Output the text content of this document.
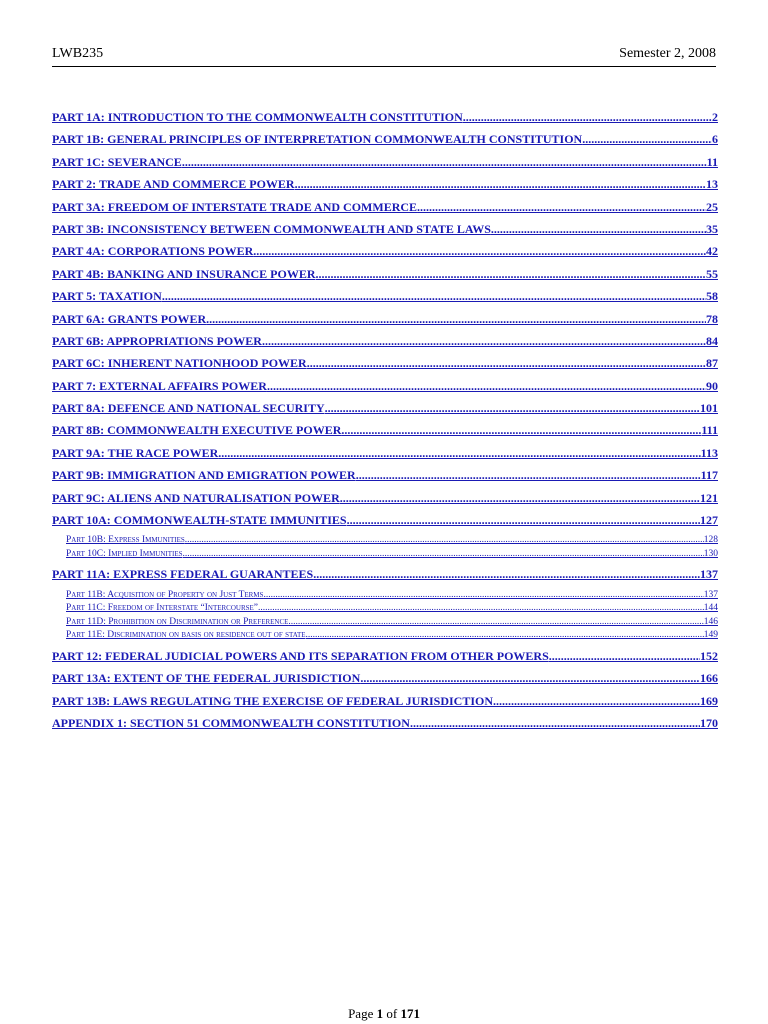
LWB235	Semester 2, 2008
PART 1A: INTRODUCTION TO THE COMMONWEALTH CONSTITUTION .....	2
PART 1B: GENERAL PRINCIPLES OF INTERPRETATION COMMONWEALTH CONSTITUTION .....	6
PART 1C: SEVERANCE .....	11
PART 2: TRADE AND COMMERCE POWER .....	13
PART 3A: FREEDOM OF INTERSTATE TRADE AND COMMERCE .....	25
PART 3B: INCONSISTENCY BETWEEN COMMONWEALTH AND STATE LAWS .....	35
PART 4A: CORPORATIONS POWER .....	42
PART 4B: BANKING AND INSURANCE POWER .....	55
PART 5: TAXATION .....	58
PART 6A: GRANTS POWER .....	78
PART 6B: APPROPRIATIONS POWER .....	84
PART 6C: INHERENT NATIONHOOD POWER .....	87
PART 7: EXTERNAL AFFAIRS POWER .....	90
PART 8A: DEFENCE AND NATIONAL SECURITY .....	101
PART 8B: COMMONWEALTH EXECUTIVE POWER .....	111
PART 9A: THE RACE POWER .....	113
PART 9B: IMMIGRATION AND EMIGRATION POWER .....	117
PART 9C: ALIENS AND NATURALISATION POWER .....	121
PART 10A: COMMONWEALTH-STATE IMMUNITIES .....	127
Part 10B: Express Immunities .....	128
Part 10C: Implied Immunities .....	130
PART 11A: EXPRESS FEDERAL GUARANTEES .....	137
Part 11B: Acquisition of Property on Just Terms .....	137
Part 11C: Freedom of Interstate “Intercourse” .....	144
Part 11D: Prohibition on Discrimination or Preference .....	146
Part 11E: Discrimination on basis on residence out of state .....	149
PART 12: FEDERAL JUDICIAL POWERS AND ITS SEPARATION FROM OTHER POWERS .....	152
PART 13A: EXTENT OF THE FEDERAL JURISDICTION .....	166
PART 13B: LAWS REGULATING THE EXERCISE OF FEDERAL JURISDICTION .....	169
APPENDIX 1: SECTION 51 COMMONWEALTH CONSTITUTION .....	170
Page 1 of 171
